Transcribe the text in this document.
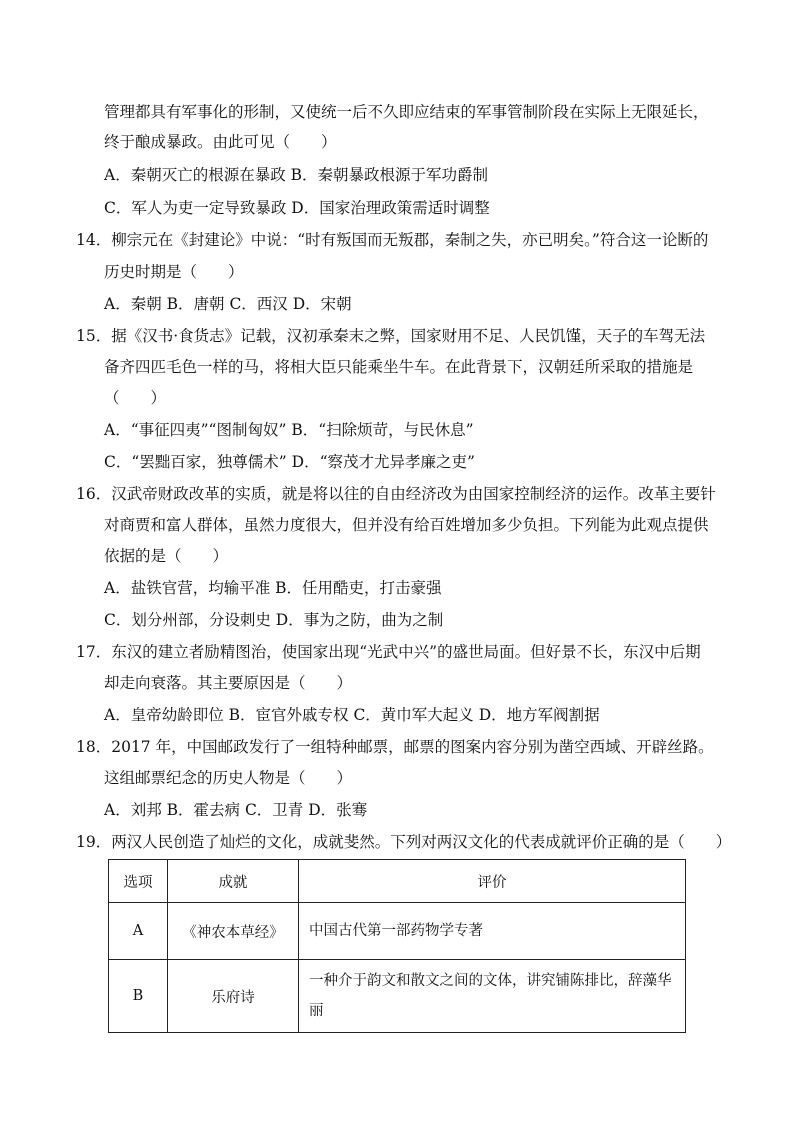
管理都具有军事化的形制，又使统一后不久即应结束的军事管制阶段在实际上无限延长，
终于酿成暴政。由此可见（　　）
A．秦朝灭亡的根源在暴政 B．秦朝暴政根源于军功爵制
C．军人为吏一定导致暴政 D．国家治理政策需适时调整
14．柳宗元在《封建论》中说：“时有叛国而无叛郡，秦制之失，亦已明矣。”符合这一论断的
历史时期是（　　）
A．秦朝 B．唐朝 C．西汉 D．宋朝
15．据《汉书·食货志》记载，汉初承秦末之弊，国家财用不足、人民饥馑，天子的车驾无法
备齐四匹毛色一样的马，将相大臣只能乘坐牛车。在此背景下，汉朝廷所采取的措施是
（　　）
A．“事征四夷”“图制匈奴” B．“扫除烦苛，与民休息”
C．“罢黜百家，独尊儒术” D．“察茂才尤异孝廉之吏”
16．汉武帝财政改革的实质，就是将以往的自由经济改为由国家控制经济的运作。改革主要针
对商贾和富人群体，虽然力度很大，但并没有给百姓增加多少负担。下列能为此观点提供
依据的是（　　）
A．盐铁官营，均输平准 B．任用酷吏，打击豪强
C．划分州部，分设刺史 D．事为之防，曲为之制
17．东汉的建立者励精图治，使国家出现“光武中兴”的盛世局面。但好景不长，东汉中后期
却走向衰落。其主要原因是（　　）
A．皇帝幼龄即位 B．宦官外戚专权 C．黄巾军大起义 D．地方军阀割据
18．2017 年，中国邮政发行了一组特种邮票，邮票的图案内容分别为凿空西域、开辟丝路。
这组邮票纪念的历史人物是（　　）
A．刘邦 B．霍去病 C．卫青 D．张骞
19．两汉人民创造了灿烂的文化，成就斐然。下列对两汉文化的代表成就评价正确的是（　　）
选项	成就	评价
A	《神农本草经》	中国古代第一部药物学专著
B	乐府诗	一种介于韵文和散文之间的文体，讲究铺陈排比，辞藻华丽
